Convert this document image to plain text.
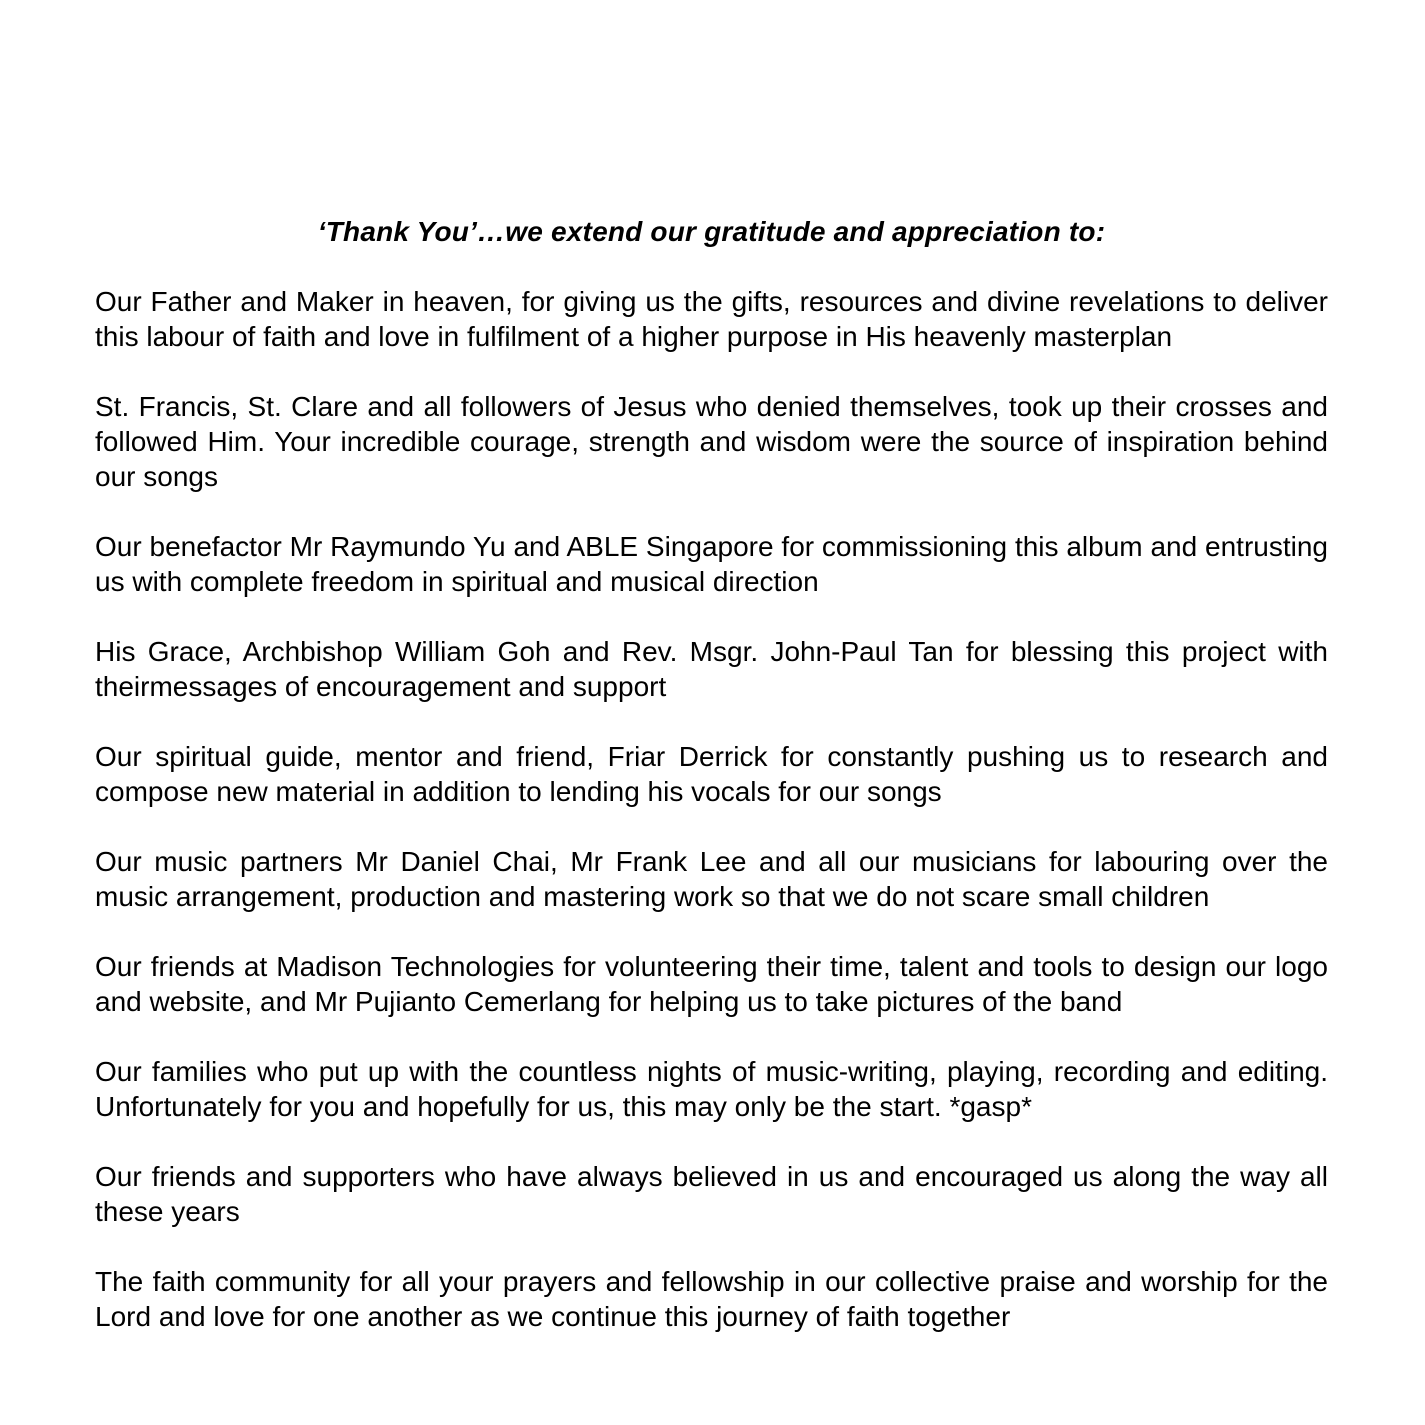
‘Thank You’…we extend our gratitude and appreciation to:

Our Father and Maker in heaven, for giving us the gifts, resources and divine revelations to deliver this labour of faith and love in fulfilment of a higher purpose in His heavenly masterplan

St. Francis, St. Clare and all followers of Jesus who denied themselves, took up their crosses and followed Him. Your incredible courage, strength and wisdom were the source of inspiration behind our songs

Our benefactor Mr Raymundo Yu and ABLE Singapore for commissioning this album and entrusting us with complete freedom in spiritual and musical direction

His Grace, Archbishop William Goh and Rev. Msgr. John-Paul Tan for blessing this project with theirmessages of encouragement and support

Our spiritual guide, mentor and friend, Friar Derrick for constantly pushing us to research and compose new material in addition to lending his vocals for our songs

Our music partners Mr Daniel Chai, Mr Frank Lee and all our musicians for labouring over the music arrangement, production and mastering work so that we do not scare small children

Our friends at Madison Technologies for volunteering their time, talent and tools to design our logo and website, and Mr Pujianto Cemerlang for helping us to take pictures of the band

Our families who put up with the countless nights of music-writing, playing, recording and editing. Unfortunately for you and hopefully for us, this may only be the start. *gasp*

Our friends and supporters who have always believed in us and encouraged us along the way all these years

The faith community for all your prayers and fellowship in our collective praise and worship for the Lord and love for one another as we continue this journey of faith together
